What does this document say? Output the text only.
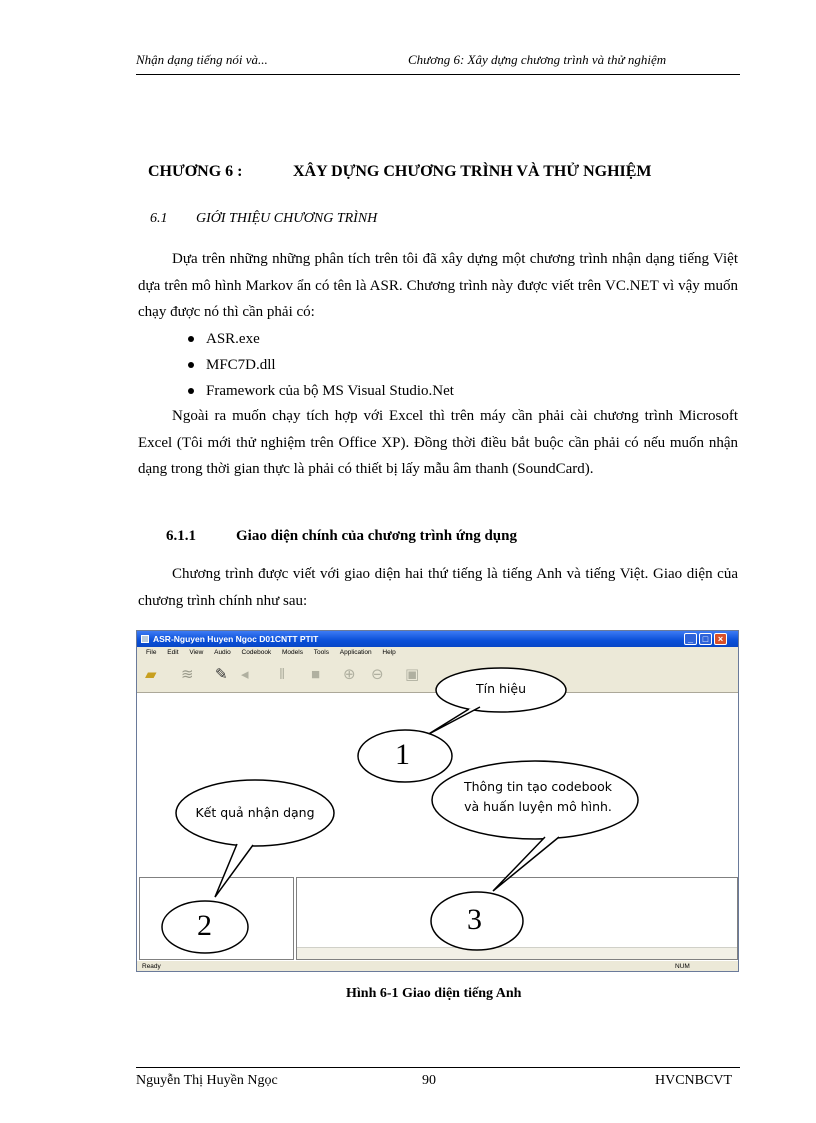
Nhận dạng tiếng nói và...	Chương 6: Xây dựng chương trình và thử nghiệm
CHƯƠNG 6 :	XÂY DỰNG CHƯƠNG TRÌNH VÀ THỬ NGHIỆM
6.1 GIỚI THIỆU CHƯƠNG TRÌNH
Dựa trên những những phân tích trên tôi đã xây dựng một chương trình nhận dạng tiếng Việt dựa trên mô hình Markov ẩn có tên là ASR. Chương trình này được viết trên VC.NET vì vậy muốn chạy được nó thì cần phải có:
ASR.exe
MFC7D.dll
Framework của bộ MS Visual Studio.Net
Ngoài ra muốn chạy tích hợp với Excel thì trên máy cần phải cài chương trình Microsoft Excel (Tôi mới thử nghiệm trên Office XP). Đồng thời điều bắt buộc cần phải có nếu muốn nhận dạng trong thời gian thực là phải có thiết bị lấy mẫu âm thanh (SoundCard).
6.1.1	Giao diện chính của chương trình ứng dụng
Chương trình được viết với giao diện hai thứ tiếng là tiếng Anh và tiếng Việt. Giao diện của chương trình chính như sau:
ASR-Nguyen Huyen Ngoc D01CNTT PTIT	_	□	×
File Edit View Audio Codebook Models Tools Application Help
▰ ≋ ✎ ◂ ‖ ■ ⊕ ⊖ ▣
Ready	NUM
Tín hiệu
Kết quả nhận dạng
Thông tin tạo codebook
và huấn luyện mô hình.
1
2	3
Hình 6-1 Giao diện tiếng Anh
Nguyễn Thị Huyền Ngọc	90	HVCNBCVT
